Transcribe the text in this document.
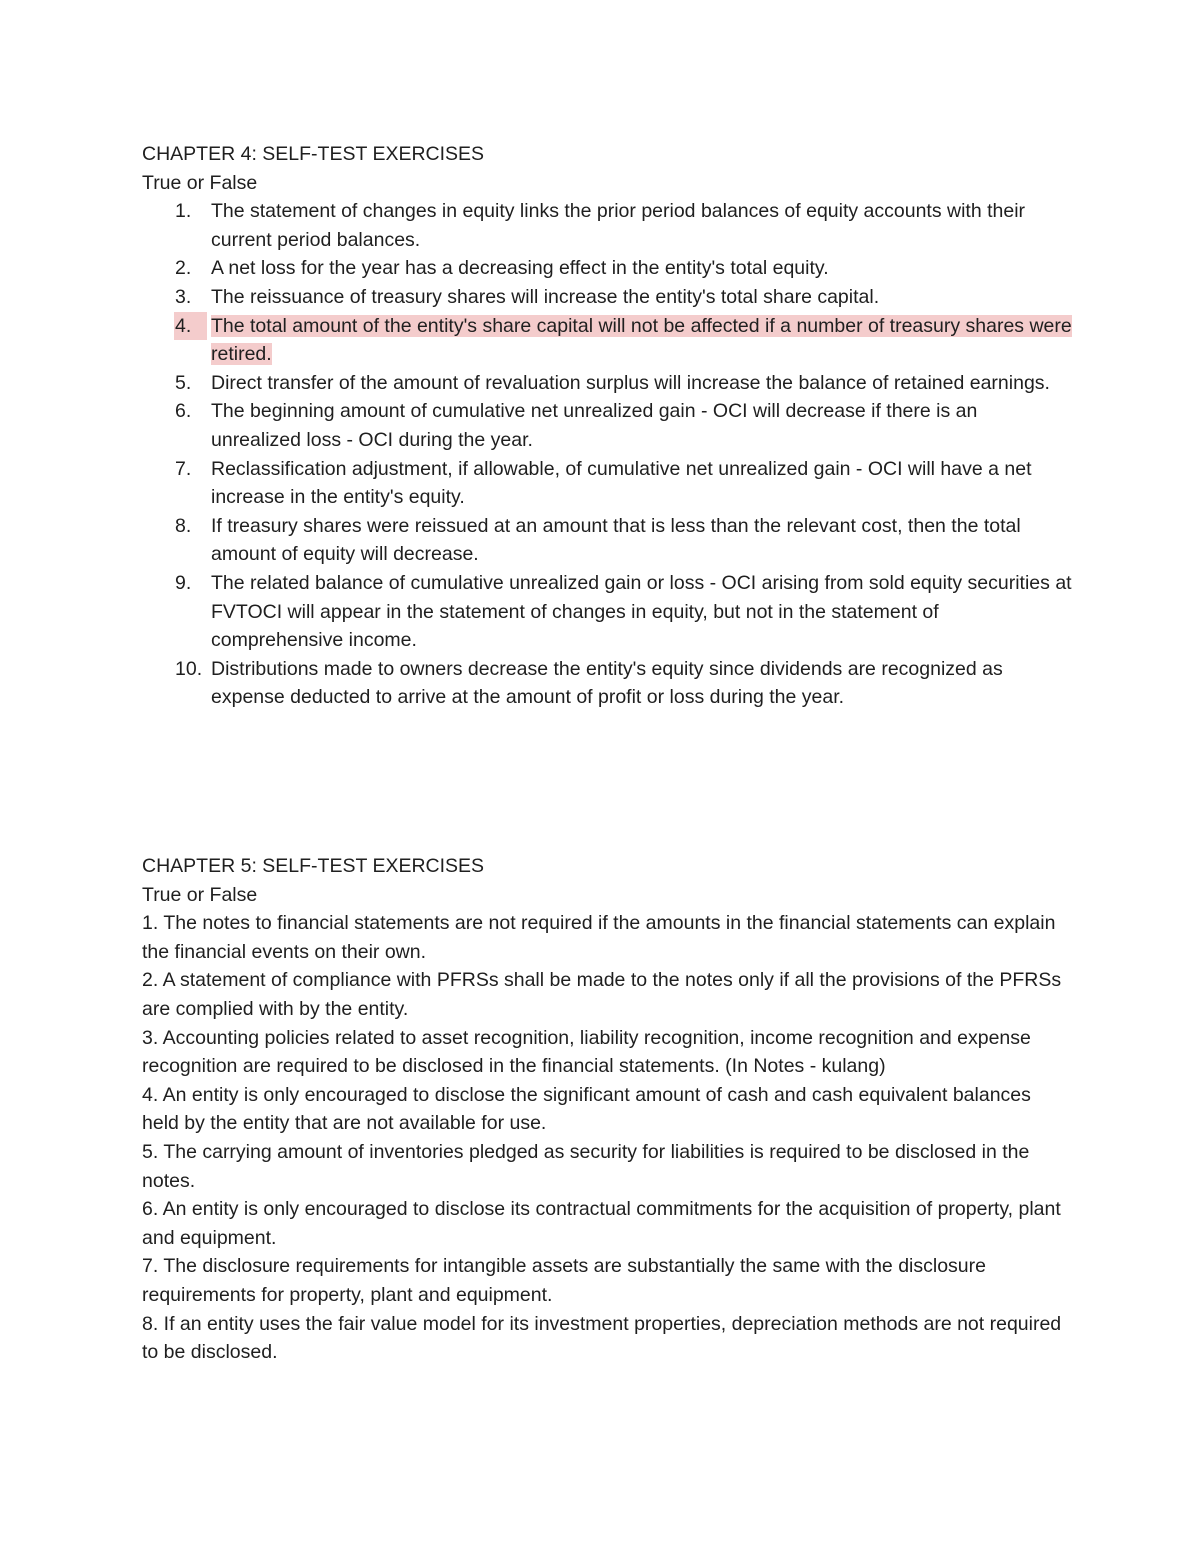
CHAPTER 4: SELF-TEST EXERCISES

True or False

1. The statement of changes in equity links the prior period balances of equity accounts with their current period balances.
2. A net loss for the year has a decreasing effect in the entity's total equity.
3. The reissuance of treasury shares will increase the entity's total share capital.
4.	The total amount of the entity's share capital will not be affected if a number of treasury shares were retired.
5. Direct transfer of the amount of revaluation surplus will increase the balance of retained earnings.
6. The beginning amount of cumulative net unrealized gain - OCI will decrease if there is an unrealized loss - OCI during the year.
7. Reclassification adjustment, if allowable, of cumulative net unrealized gain - OCI will have a net increase in the entity's equity.
8. If treasury shares were reissued at an amount that is less than the relevant cost, then the total amount of equity will decrease.
9. The related balance of cumulative unrealized gain or loss - OCI arising from sold equity securities at FVTOCI will appear in the statement of changes in equity, but not in the statement of comprehensive income.
10. Distributions made to owners decrease the entity's equity since dividends are recognized as expense deducted to arrive at the amount of profit or loss during the year.

CHAPTER 5: SELF-TEST EXERCISES

True or False

1. The notes to financial statements are not required if the amounts in the financial statements can explain the financial events on their own.

2. A statement of compliance with PFRSs shall be made to the notes only if all the provisions of the PFRSs are complied with by the entity.

3. Accounting policies related to asset recognition, liability recognition, income recognition and expense recognition are required to be disclosed in the financial statements. (In Notes - kulang)

4. An entity is only encouraged to disclose the significant amount of cash and cash equivalent balances held by the entity that are not available for use.

5. The carrying amount of inventories pledged as security for liabilities is required to be disclosed in the notes.

6. An entity is only encouraged to disclose its contractual commitments for the acquisition of property, plant and equipment.

7. The disclosure requirements for intangible assets are substantially the same with the disclosure requirements for property, plant and equipment.

8. If an entity uses the fair value model for its investment properties, depreciation methods are not required to be disclosed.
